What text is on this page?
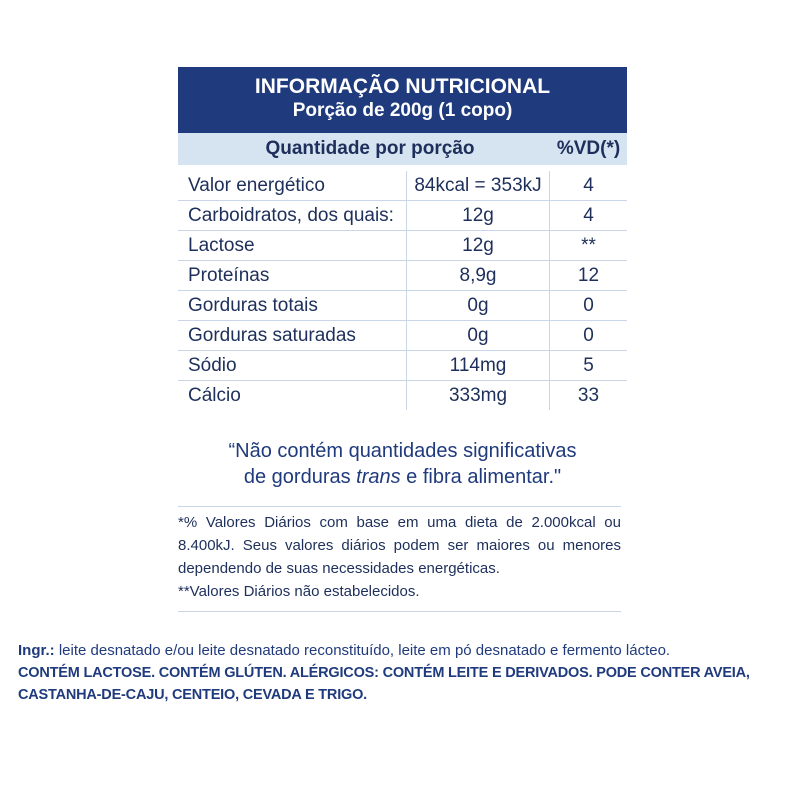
INFORMAÇÃO NUTRICIONAL
Porção de 200g (1 copo)
Quantidade por porção	%VD(*)
Valor energético	84kcal = 353kJ	4
Carboidratos, dos quais:	12g	4
Lactose	12g	**
Proteínas	8,9g	12
Gorduras totais	0g	0
Gorduras saturadas	0g	0
Sódio	114mg	5
Cálcio	333mg	33
“Não contém quantidades significativas
de gorduras trans e fibra alimentar."

*% Valores Diários com base em uma dieta de 2.000kcal ou 8.400kJ. Seus valores diários podem ser maiores ou menores dependendo de suas necessidades energéticas.

**Valores Diários não estabelecidos.

Ingr.: leite desnatado e/ou leite desnatado reconstituído, leite em pó desnatado e fermento lácteo.
CONTÉM LACTOSE. CONTÉM GLÚTEN. ALÉRGICOS: CONTÉM LEITE E DERIVADOS. PODE CONTER AVEIA, CASTANHA-DE-CAJU, CENTEIO, CEVADA E TRIGO.
